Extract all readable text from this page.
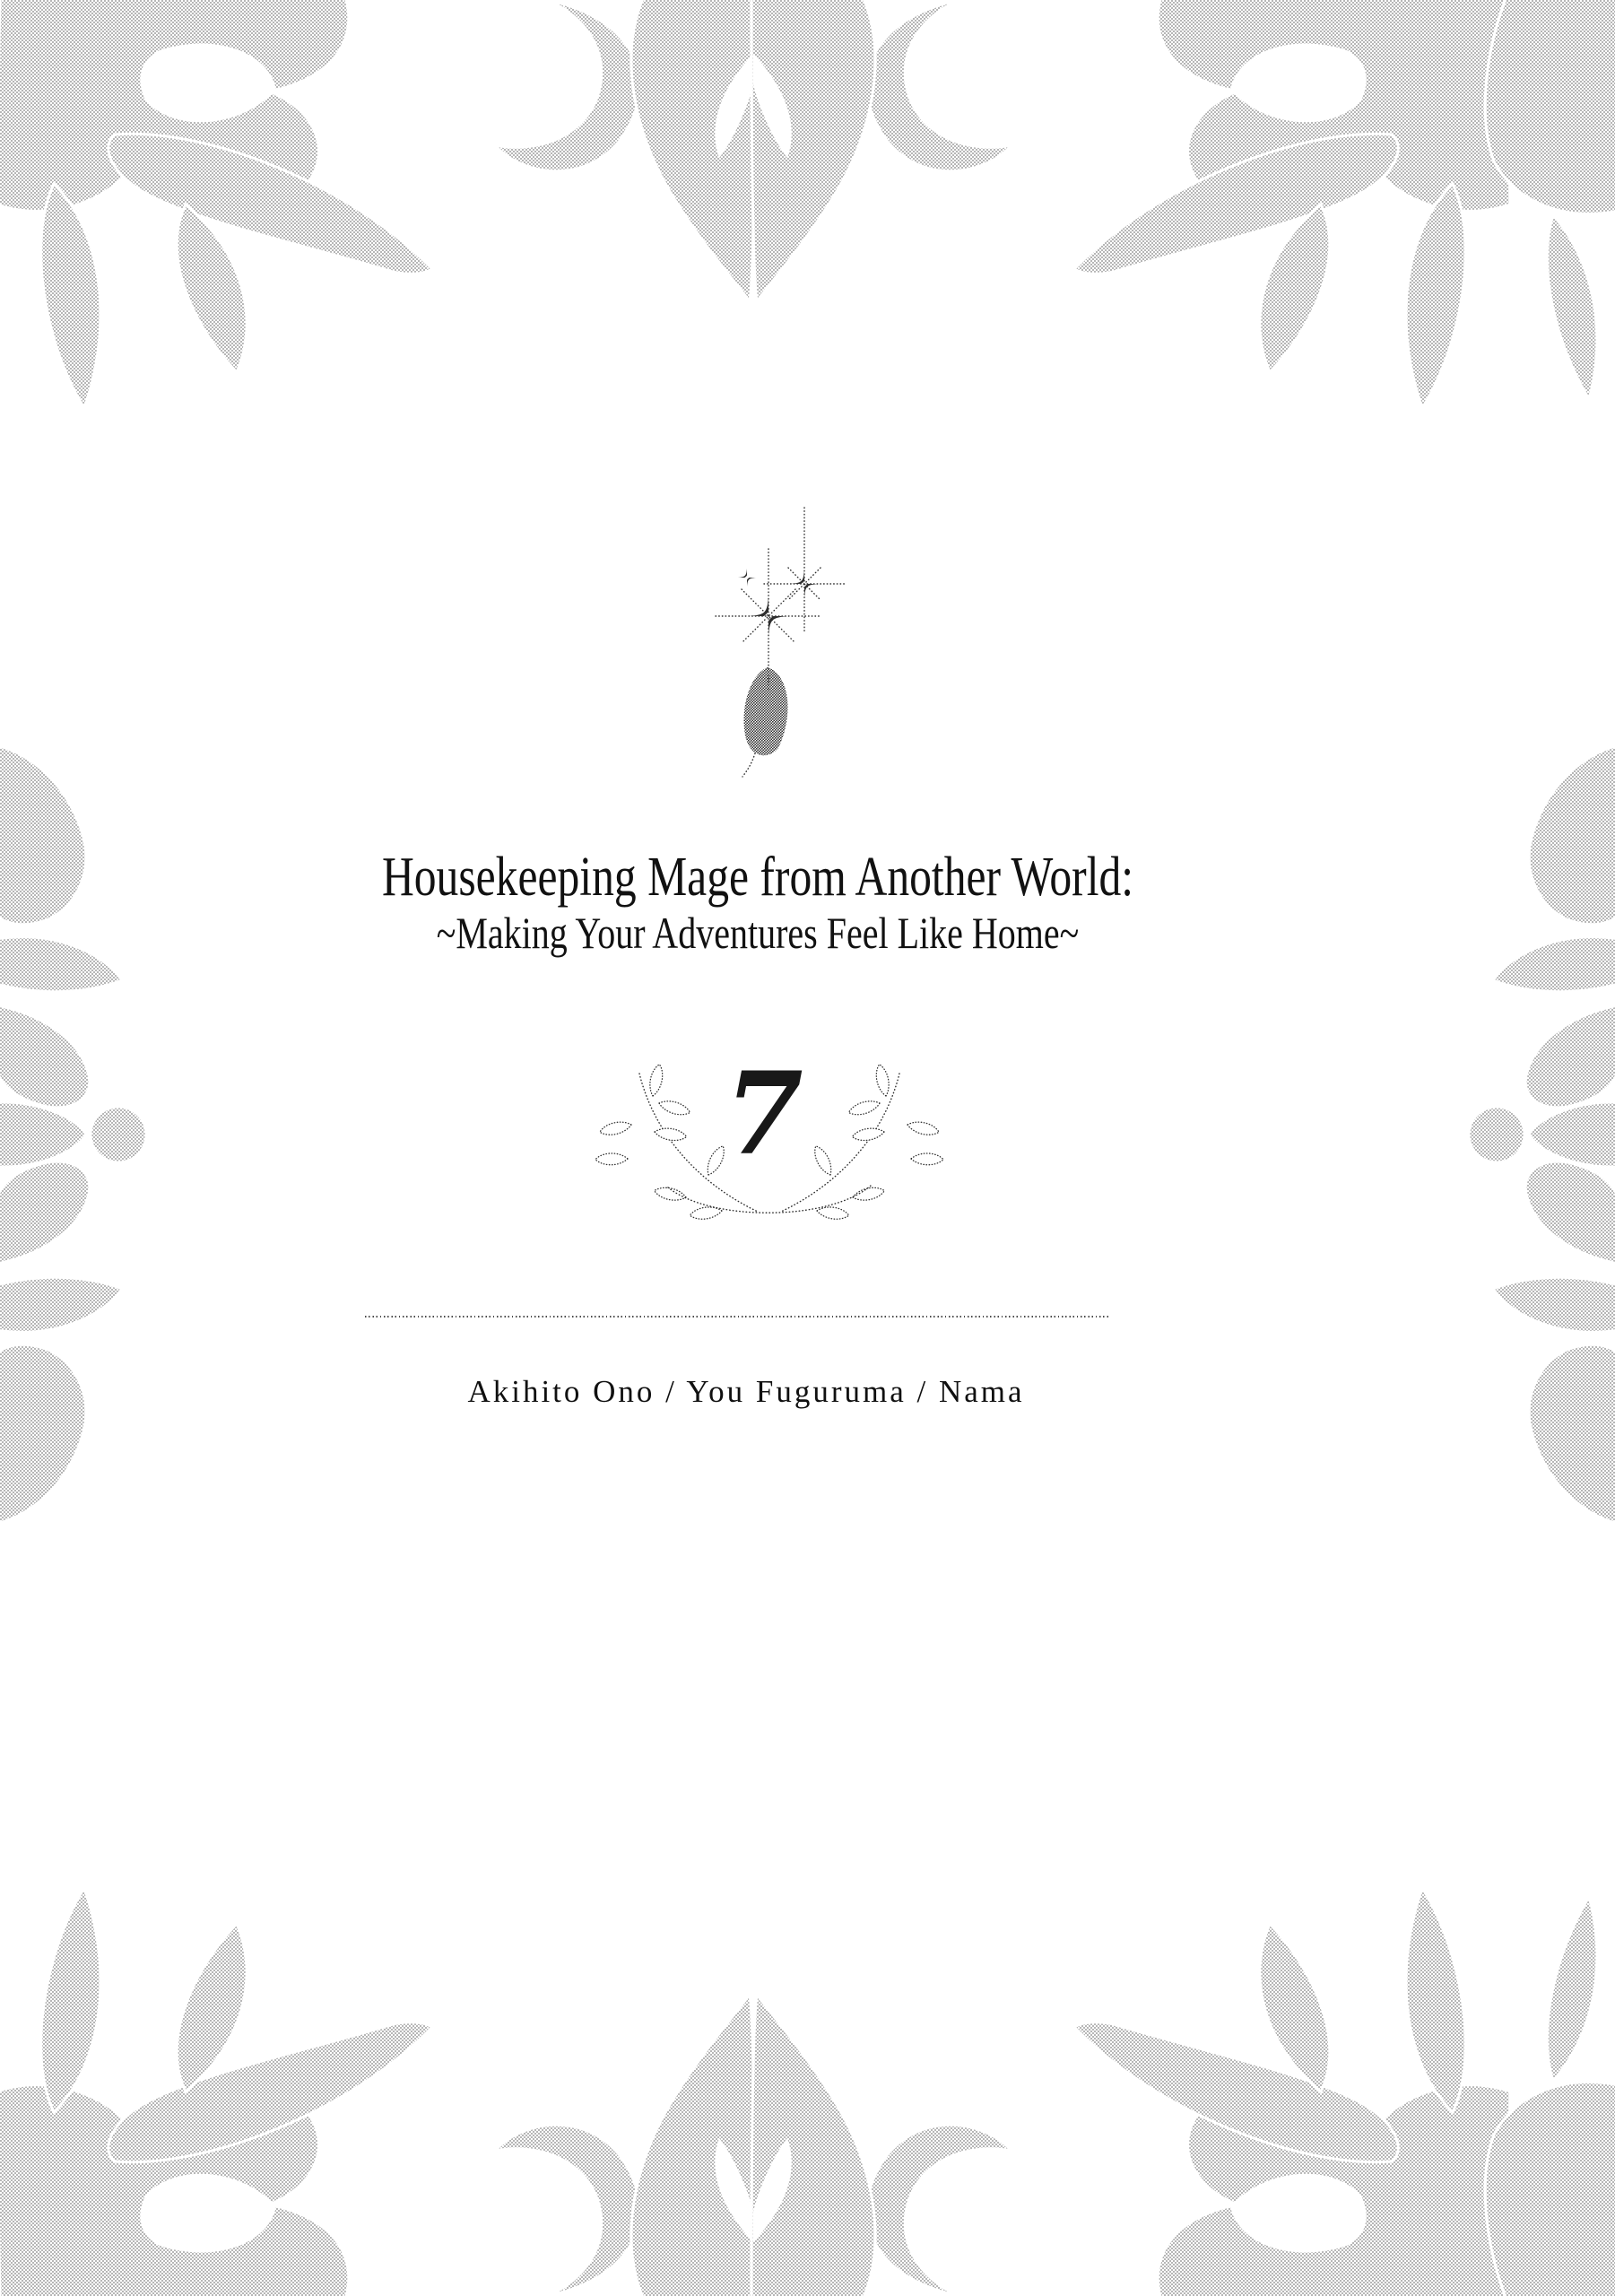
Housekeeping Mage from Another World:
~Making Your Adventures Feel Like Home~
7
Akihito Ono / You Fuguruma / Nama
